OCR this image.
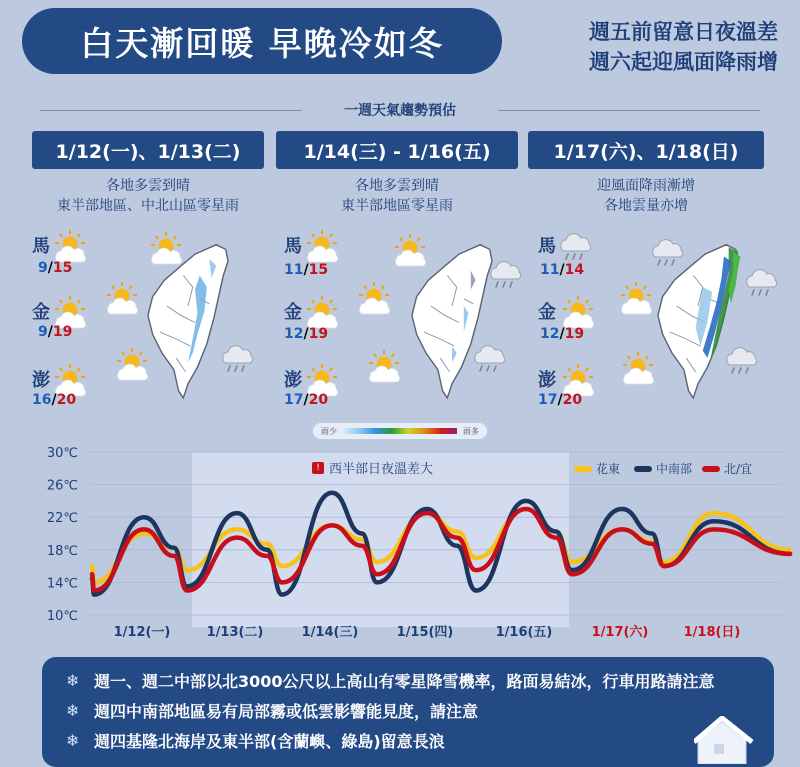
白天漸回暖 早晚冷如冬	週五前留意日夜溫差
週六起迎風面降雨增
一週天氣趨勢預估
1/12(一)、1/13(二)
各地多雲到晴
東半部地區、中北山區零星雨
1/14(三) - 1/16(五)
各地多雲到晴
東半部地區零星雨
1/17(六)、1/18(日)
迎風面降雨漸增
各地雲量亦增
馬
9/15
金
9/19
澎
16/20
馬
11/15
金
12/19
澎
17/20
馬
11/14
金
12/19
澎
17/20
雨少	雨多
30℃
26℃
22℃
18℃
14℃
10℃
1/12(一)	1/13(二)	1/14(三)	1/15(四)	1/16(五)	1/17(六)	1/18(日)
! 西半部日夜溫差大	花東	中南部	北/宜
❄ 週一、週二中部以北3000公尺以上高山有零星降雪機率，路面易結冰，行車用路請注意
❄ 週四中南部地區易有局部霧或低雲影響能見度，請注意
❄ 週四基隆北海岸及東半部(含蘭嶼、綠島)留意長浪
